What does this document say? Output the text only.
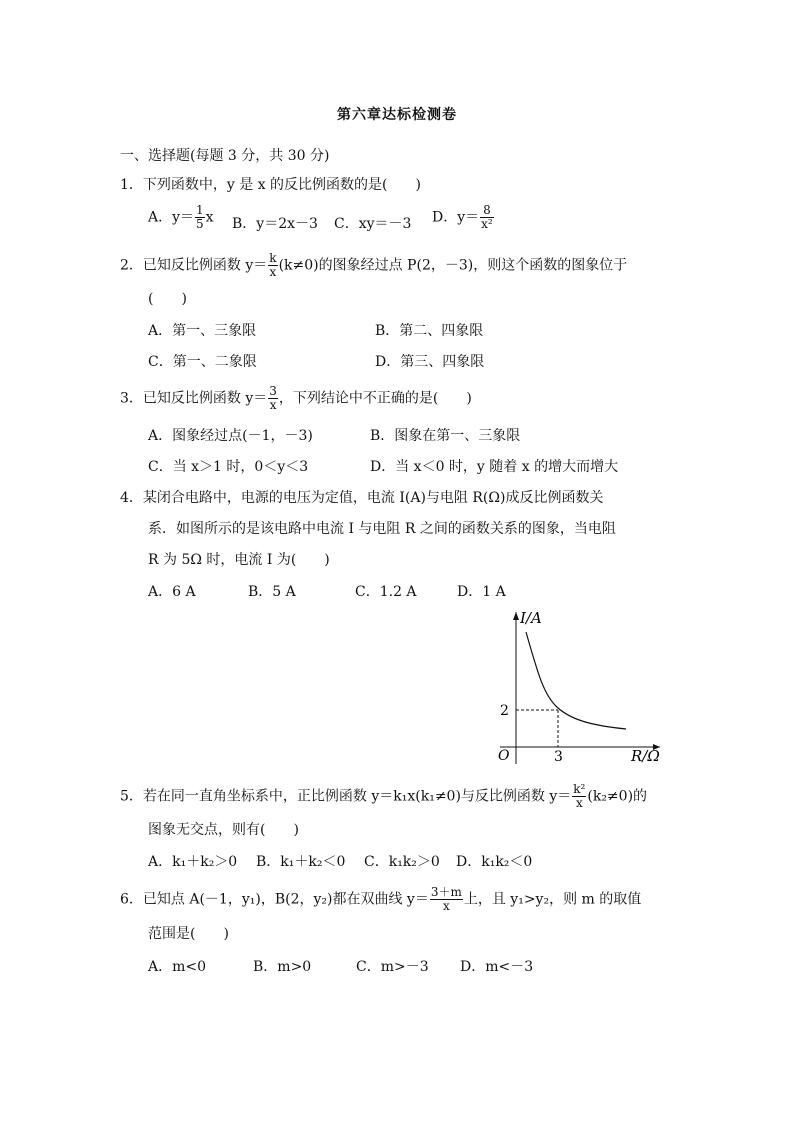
第六章达标检测卷
一、选择题(每题 3 分，共 30 分)
1．下列函数中，y 是 x 的反比例函数的是(　　)
A．$y= \frac{1}{5}$ x B．y＝2x－3 C．xy＝－3 D．$y= \frac{8}{\text{x²}}$
2．已知反比例函数 $y= \frac{k}{x} (k\ne 0)$的图象经过点 P(2，－3)，则这个函数的图象位于
(　　)
A．第一、三象限	B．第二、四象限
C．第一、二象限	D．第三、四象限
3．已知反比例函数 $y= \frac{3}{x}$ ，下列结论中不正确的是(　　)
A．图象经过点(－1，－3)	B．图象在第一、三象限
C．当 x＞1 时，0＜y＜3	D．当 x＜0 时，y 随着 x 的增大而增大
4．某闭合电路中，电源的电压为定值，电流 I(A)与电阻 R(Ω)成反比例函数关
系．如图所示的是该电路中电流 I 与电阻 R 之间的函数关系的图象，当电阻
R 为 5Ω 时，电流 I 为(　　)
A．6 A	B．5 A	C．1.2 A	D．1 A
I/A
R/Ω
O	3
2
5．若在同一直角坐标系中，正比例函数 y＝k₁x(k₁≠0)与反比例函数 $y= \frac{\text{k²}}{x} (k_2\ne 0)$的
图象无交点，则有(　　)
A．k₁＋k₂＞0 B．k₁＋k₂＜0 C．k₁k₂＞0 D．k₁k₂＜0
6．已知点 A(－1，y₁)，B(2，y₂)都在双曲线 $y= \frac{3+m}{x}$ 上，且 y₁>y₂，则 m 的取值
范围是(　　)
A．m<0	B．m>0	C．m>－3 D．m<－3
